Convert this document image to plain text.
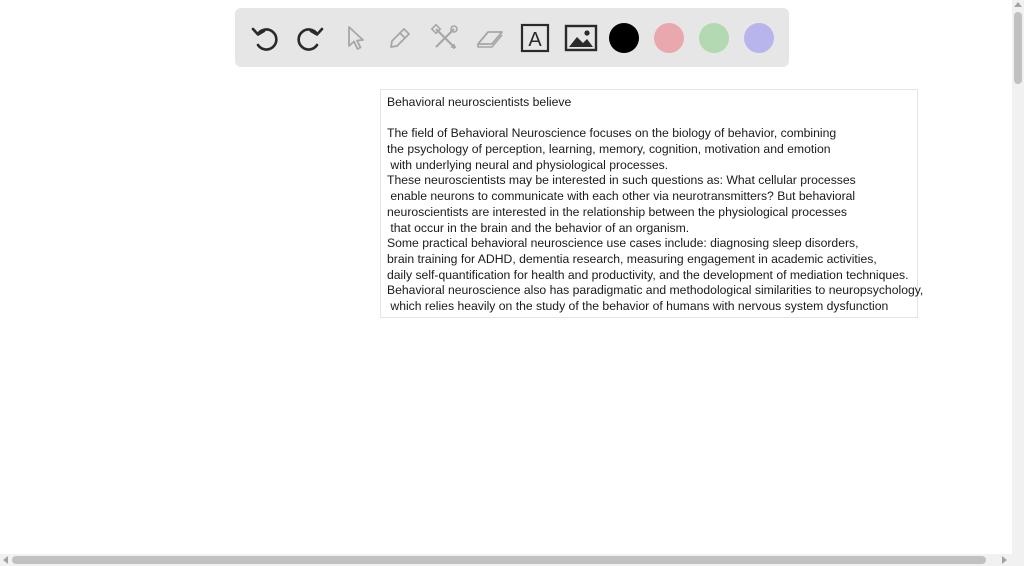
A
Behavioral neuroscientists believe
The field of Behavioral Neuroscience focuses on the biology of behavior, combining
the psychology of perception, learning, memory, cognition, motivation and emotion
with underlying neural and physiological processes.
These neuroscientists may be interested in such questions as: What cellular processes
enable neurons to communicate with each other via neurotransmitters? But behavioral
neuroscientists are interested in the relationship between the physiological processes
that occur in the brain and the behavior of an organism.
Some practical behavioral neuroscience use cases include: diagnosing sleep disorders,
brain training for ADHD, dementia research, measuring engagement in academic activities,
daily self-quantification for health and productivity, and the development of mediation techniques.
Behavioral neuroscience also has paradigmatic and methodological similarities to neuropsychology,
which relies heavily on the study of the behavior of humans with nervous system dysfunction
